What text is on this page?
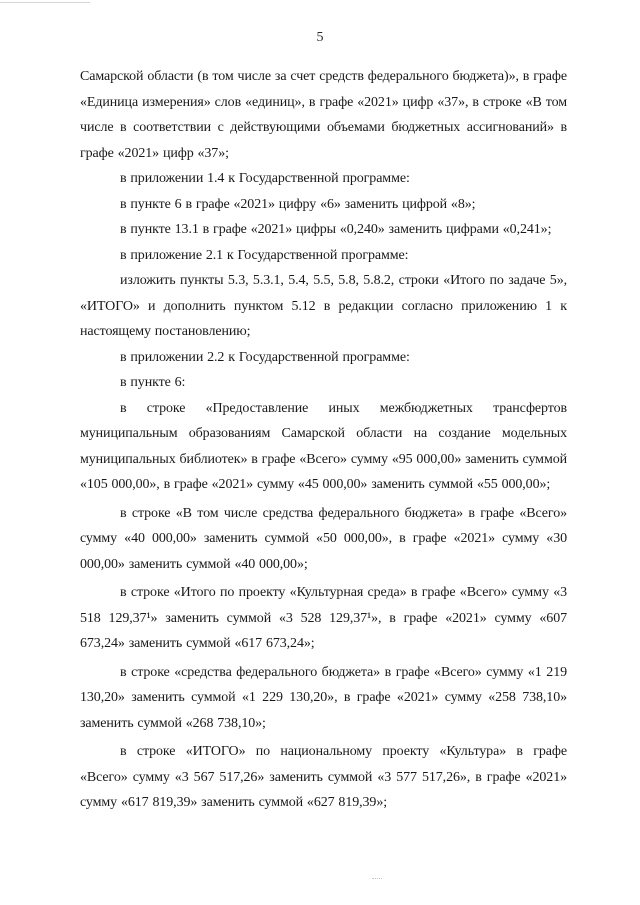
5

Самарской области (в том числе за счет средств федерального бюджета)», в графе «Единица измерения» слов «единиц», в графе «2021» цифр «37», в строке «В том числе в соответствии с действующими объемами бюджетных ассигнований» в графе «2021» цифр «37»;

в приложении 1.4 к Государственной программе:

в пункте 6 в графе «2021» цифру «6» заменить цифрой «8»;

в пункте 13.1 в графе «2021» цифры «0,240» заменить цифрами «0,241»;

в приложение 2.1 к Государственной программе:

изложить пункты 5.3, 5.3.1, 5.4, 5.5, 5.8, 5.8.2, строки «Итого по задаче 5», «ИТОГО» и дополнить пунктом 5.12 в редакции согласно приложению 1 к настоящему постановлению;

в приложении 2.2 к Государственной программе:

в пункте 6:

в строке «Предоставление иных межбюджетных трансфертов муниципальным образованиям Самарской области на создание модельных муниципальных библиотек» в графе «Всего» сумму «95 000,00» заменить суммой «105 000,00», в графе «2021» сумму «45 000,00» заменить суммой «55 000,00»;

в строке «В том числе средства федерального бюджета» в графе «Всего» сумму «40 000,00» заменить суммой «50 000,00», в графе «2021» сумму «30 000,00» заменить суммой «40 000,00»;

в строке «Итого по проекту «Культурная среда» в графе «Всего» сумму «3 518 129,37¹» заменить суммой «3 528 129,37¹», в графе «2021» сумму «607 673,24» заменить суммой «617 673,24»;

в строке «средства федерального бюджета» в графе «Всего» сумму «1 219 130,20» заменить суммой «1 229 130,20», в графе «2021» сумму «258 738,10» заменить суммой «268 738,10»;

в строке «ИТОГО» по национальному проекту «Культура» в графе «Всего» сумму «3 567 517,26» заменить суммой «3 577 517,26», в графе «2021» сумму «617 819,39» заменить суммой «627 819,39»;
